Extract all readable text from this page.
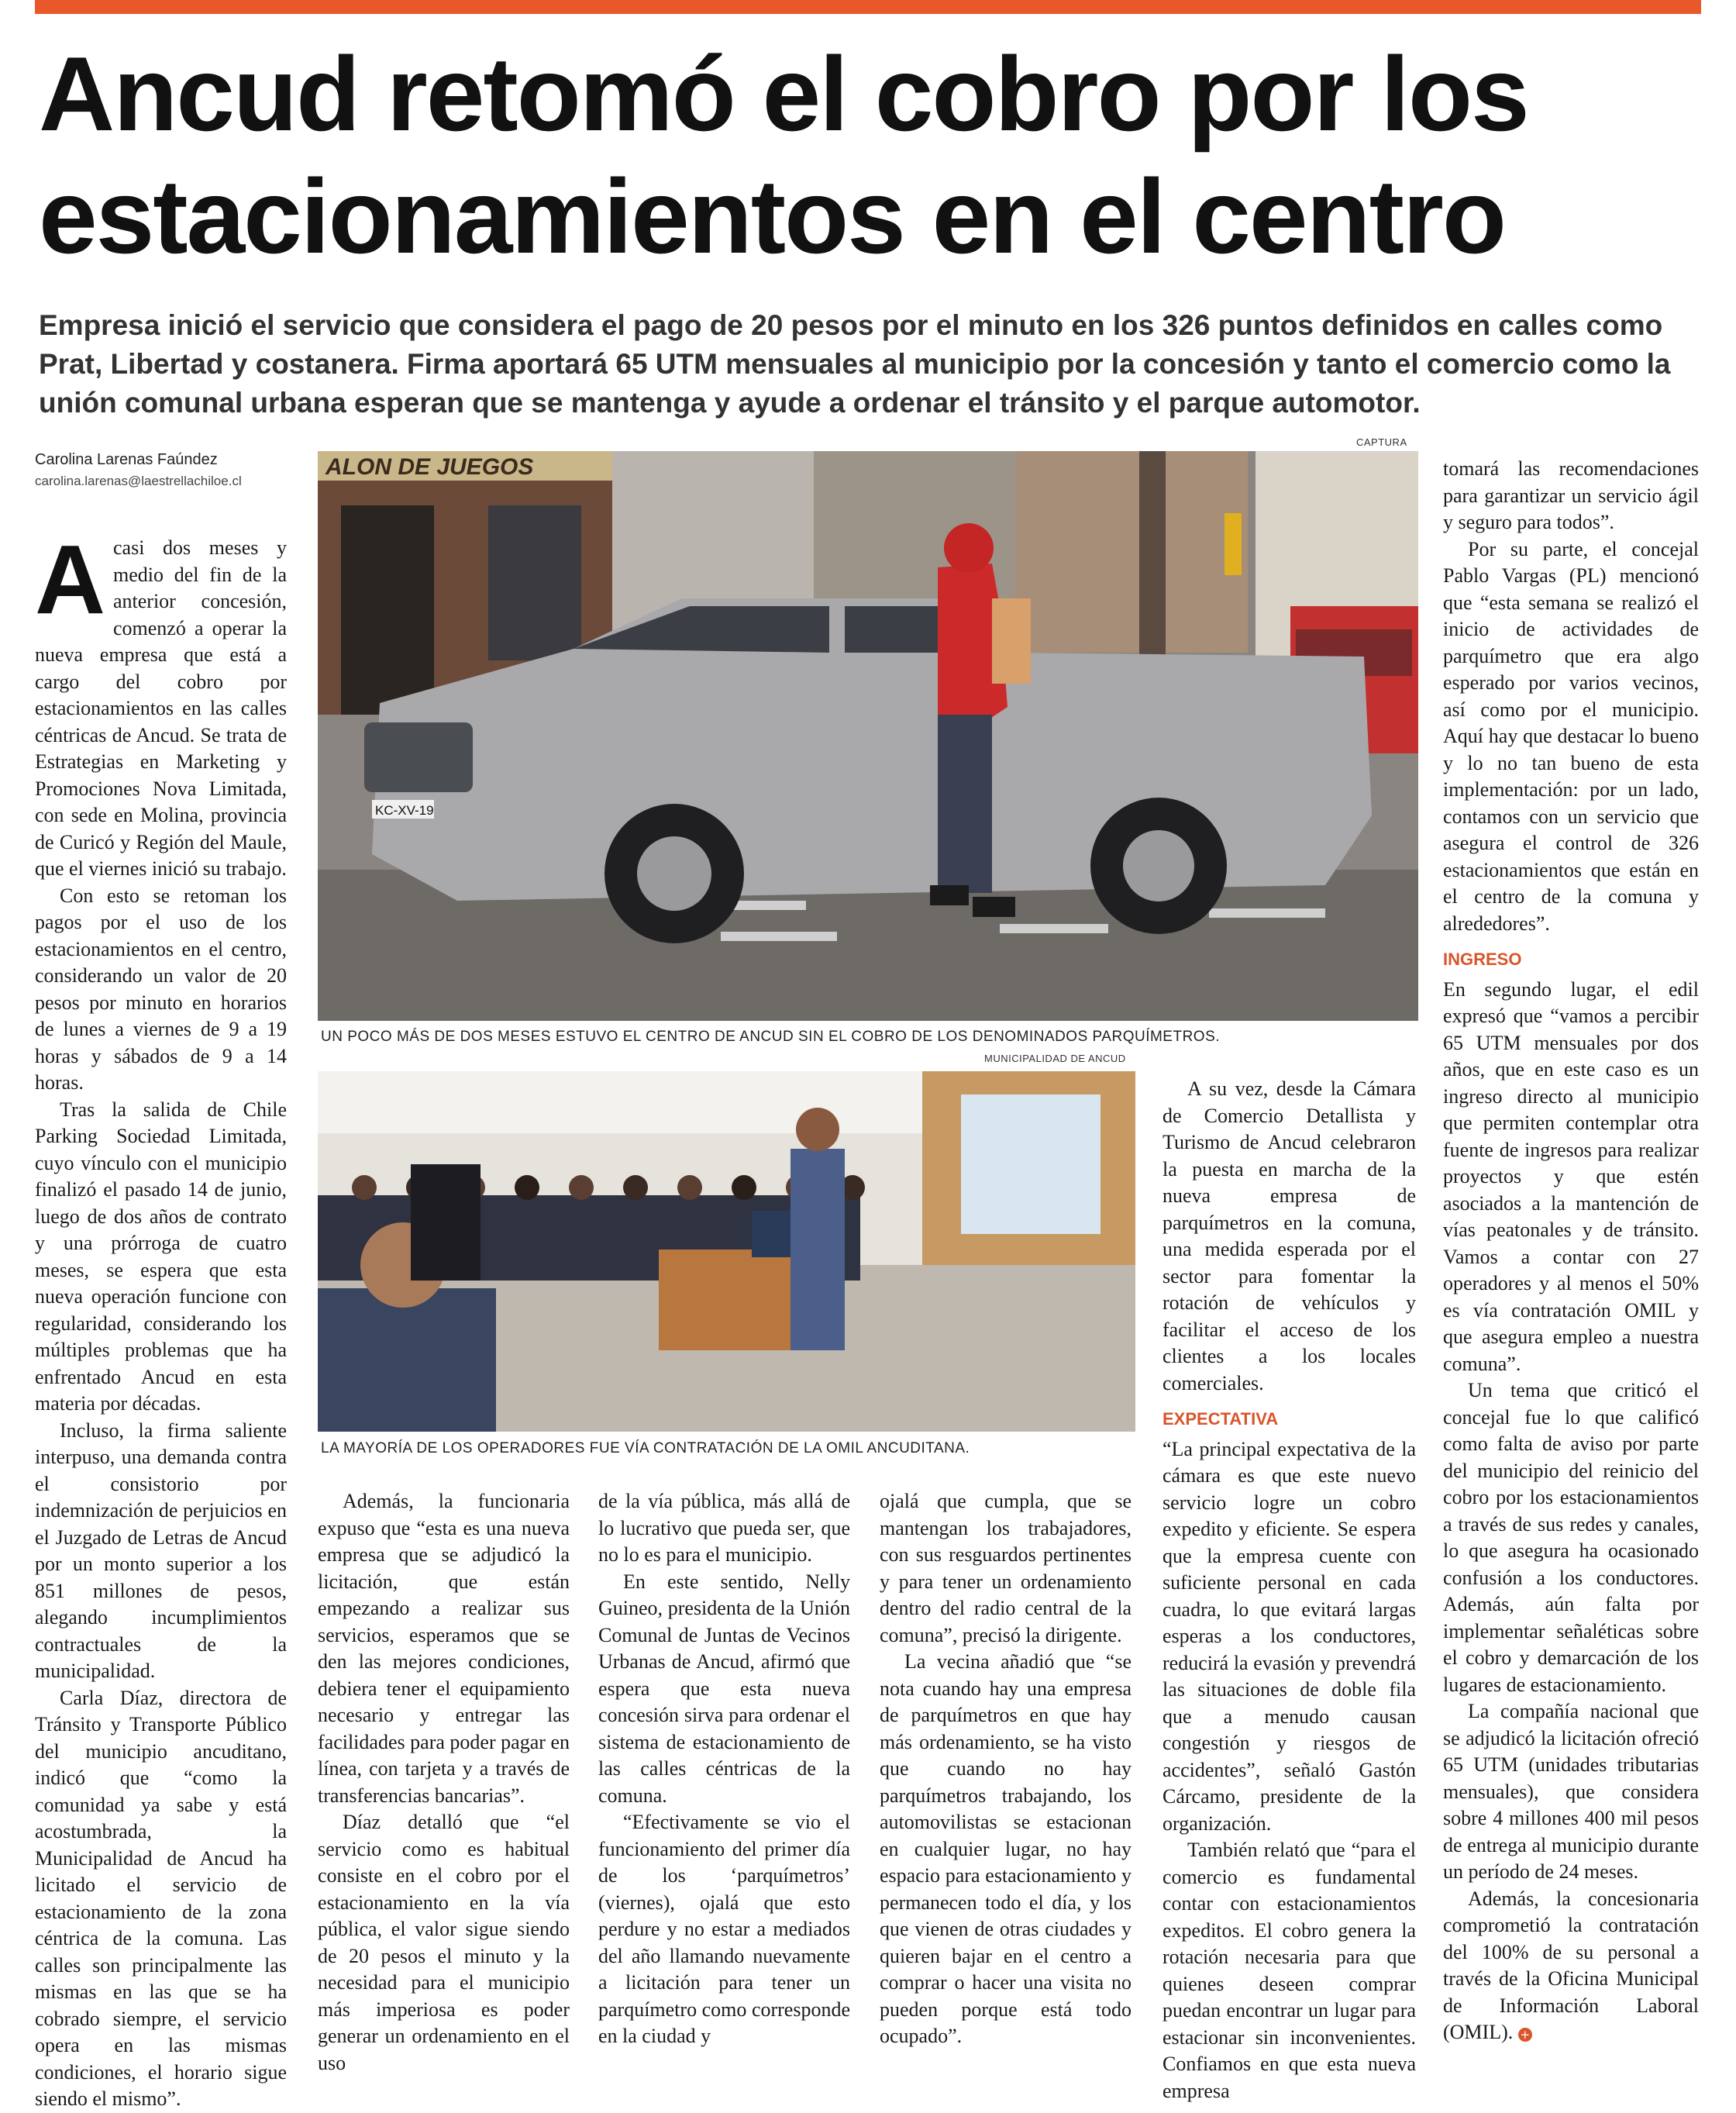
Ancud retomó el cobro por los estacionamientos en el centro

Empresa inició el servicio que considera el pago de 20 pesos por el minuto en los 326 puntos definidos en calles como Prat, Libertad y costanera. Firma aportará 65 UTM mensuales al municipio por la concesión y tanto el comercio como la unión comunal urbana esperan que se mantenga y ayude a ordenar el tránsito y el parque automotor.

Carolina Larenas Faúndez
carolina.larenas@laestrellachiloe.cl
CAPTURA
ALON DE JUEGOS
KC-XV-19
UN POCO MÁS DE DOS MESES ESTUVO EL CENTRO DE ANCUD SIN EL COBRO DE LOS DENOMINADOS PARQUÍMETROS.
MUNICIPALIDAD DE ANCUD
LA MAYORÍA DE LOS OPERADORES FUE VÍA CONTRATACIÓN DE LA OMIL ANCUDITANA.

Acasi dos meses y medio del fin de la anterior concesión, comenzó a operar la nueva empresa que está a cargo del cobro por estacionamientos en las calles céntricas de Ancud. Se trata de Estrategias en Marketing y Promociones Nova Limitada, con sede en Molina, provincia de Curicó y Región del Maule, que el viernes inició su trabajo.

Con esto se retoman los pagos por el uso de los estacionamientos en el centro, considerando un valor de 20 pesos por minuto en horarios de lunes a viernes de 9 a 19 horas y sábados de 9 a 14 horas.

Tras la salida de Chile Parking Sociedad Limitada, cuyo vínculo con el municipio finalizó el pasado 14 de junio, luego de dos años de contrato y una prórroga de cuatro meses, se espera que esta nueva operación funcione con regularidad, considerando los múltiples problemas que ha enfrentado Ancud en esta materia por décadas.

Incluso, la firma saliente interpuso, una demanda contra el consistorio por indemnización de perjuicios en el Juzgado de Letras de Ancud por un monto superior a los 851 millones de pesos, alegando incumplimientos contractuales de la municipalidad.

Carla Díaz, directora de Tránsito y Transporte Público del municipio ancuditano, indicó que “como la comunidad ya sabe y está acostumbrada, la Municipalidad de Ancud ha licitado el servicio de estacionamiento de la zona céntrica de la comuna. Las calles son principalmente las mismas en las que se ha cobrado siempre, el servicio opera en las mismas condiciones, el horario sigue siendo el mismo”.

Además, la funcionaria expuso que “esta es una nueva empresa que se adjudicó la licitación, que están empezando a realizar sus servicios, esperamos que se den las mejores condiciones, debiera tener el equipamiento necesario y entregar las facilidades para poder pagar en línea, con tarjeta y a través de transferencias bancarias”.

Díaz detalló que “el servicio como es habitual consiste en el cobro por el estacionamiento en la vía pública, el valor sigue siendo de 20 pesos el minuto y la necesidad para el municipio más imperiosa es poder generar un ordenamiento en el uso

de la vía pública, más allá de lo lucrativo que pueda ser, que no lo es para el municipio.

En este sentido, Nelly Guineo, presidenta de la Unión Comunal de Juntas de Vecinos Urbanas de Ancud, afirmó que espera que esta nueva concesión sirva para ordenar el sistema de estacionamiento de las calles céntricas de la comuna.

“Efectivamente se vio el funcionamiento del primer día de los ‘parquímetros’ (viernes), ojalá que esto perdure y no estar a mediados del año llamando nuevamente a licitación para tener un parquímetro como corresponde en la ciudad y

ojalá que cumpla, que se mantengan los trabajadores, con sus resguardos pertinentes y para tener un ordenamiento dentro del radio central de la comuna”, precisó la dirigente.

La vecina añadió que “se nota cuando hay una empresa de parquímetros en que hay más ordenamiento, se ha visto que cuando no hay parquímetros trabajando, los automovilistas se estacionan en cualquier lugar, no hay espacio para estacionamiento y permanecen todo el día, y los que vienen de otras ciudades y quieren bajar en el centro a comprar o hacer una visita no pueden porque está todo ocupado”.

A su vez, desde la Cámara de Comercio Detallista y Turismo de Ancud celebraron la puesta en marcha de la nueva empresa de parquímetros en la comuna, una medida esperada por el sector para fomentar la rotación de vehículos y facilitar el acceso de los clientes a los locales comerciales.

EXPECTATIVA

“La principal expectativa de la cámara es que este nuevo servicio logre un cobro expedito y eficiente. Se espera que la empresa cuente con suficiente personal en cada cuadra, lo que evitará largas esperas a los conductores, reducirá la evasión y prevendrá las situaciones de doble fila que a menudo causan congestión y riesgos de accidentes”, señaló Gastón Cárcamo, presidente de la organización.

También relató que “para el comercio es fundamental contar con estacionamientos expeditos. El cobro genera la rotación necesaria para que quienes deseen comprar puedan encontrar un lugar para estacionar sin inconvenientes. Confiamos en que esta nueva empresa

tomará las recomendaciones para garantizar un servicio ágil y seguro para todos”.

Por su parte, el concejal Pablo Vargas (PL) mencionó que “esta semana se realizó el inicio de actividades de parquímetro que era algo esperado por varios vecinos, así como por el municipio. Aquí hay que destacar lo bueno y lo no tan bueno de esta implementación: por un lado, contamos con un servicio que asegura el control de 326 estacionamientos que están en el centro de la comuna y alrededores”.

INGRESO

En segundo lugar, el edil expresó que “vamos a percibir 65 UTM mensuales por dos años, que en este caso es un ingreso directo al municipio que permiten contemplar otra fuente de ingresos para realizar proyectos y que estén asociados a la mantención de vías peatonales y de tránsito. Vamos a contar con 27 operadores y al menos el 50% es vía contratación OMIL y que asegura empleo a nuestra comuna”.

Un tema que criticó el concejal fue lo que calificó como falta de aviso por parte del municipio del reinicio del cobro por los estacionamientos a través de sus redes y canales, lo que asegura ha ocasionado confusión a los conductores. Además, aún falta por implementar señaléticas sobre el cobro y demarcación de los lugares de estacionamiento.

La compañía nacional que se adjudicó la licitación ofreció 65 UTM (unidades tributarias mensuales), que considera sobre 4 millones 400 mil pesos de entrega al municipio durante un período de 24 meses.

Además, la concesionaria comprometió la contratación del 100% de su personal a través de la Oficina Municipal de Información Laboral (OMIL). +
